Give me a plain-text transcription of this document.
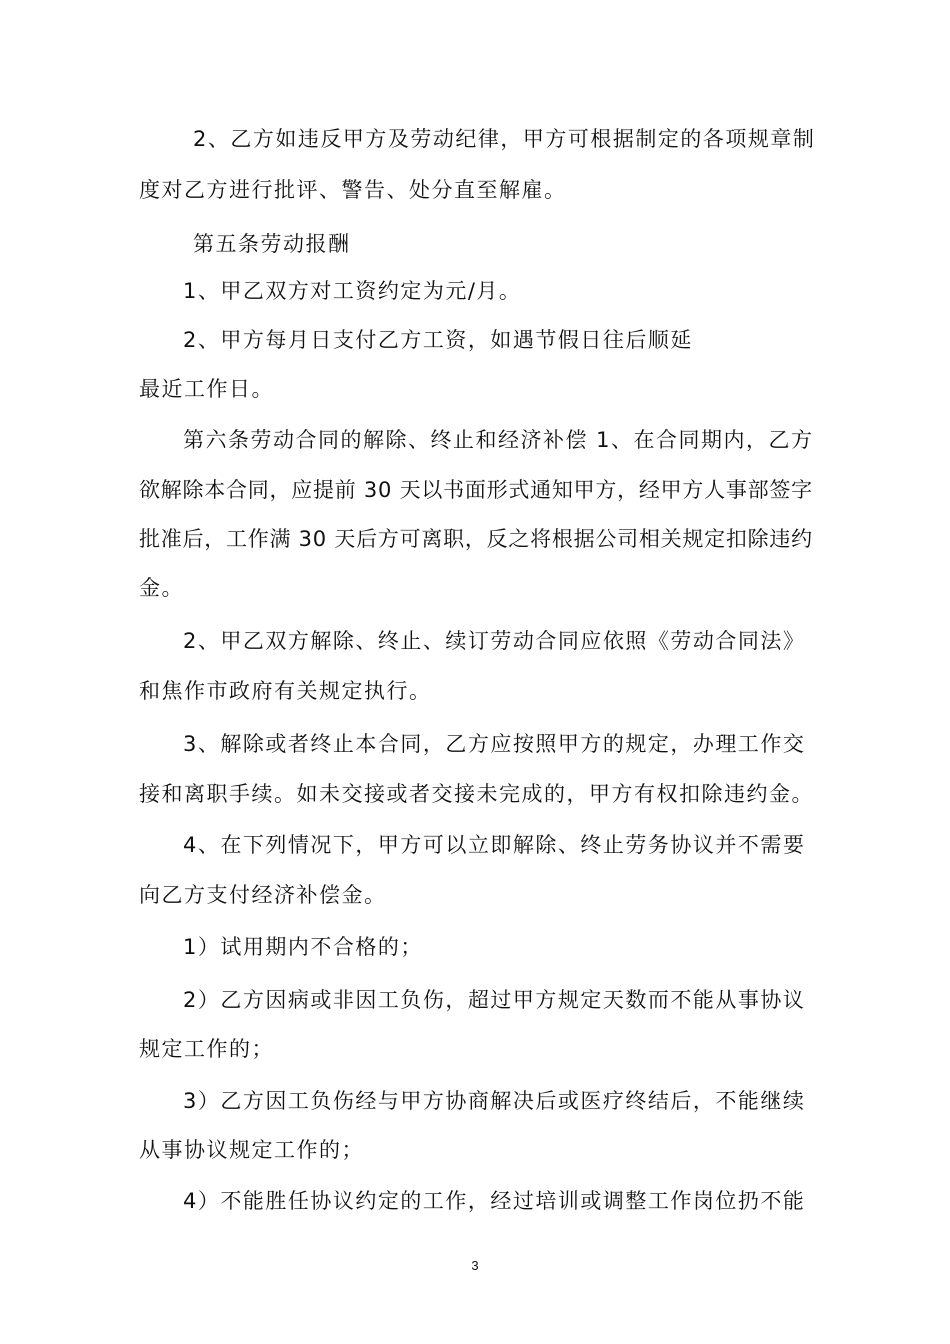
2、乙方如违反甲方及劳动纪律，甲方可根据制定的各项规章制
度对乙方进行批评、警告、处分直至解雇。
第五条劳动报酬
1、甲乙双方对工资约定为元/月。
2、甲方每月日支付乙方工资，如遇节假日往后顺延
最近工作日。
第六条劳动合同的解除、终止和经济补偿 1、在合同期内，乙方
欲解除本合同，应提前 30 天以书面形式通知甲方，经甲方人事部签字
批准后，工作满 30 天后方可离职，反之将根据公司相关规定扣除违约
金。
2、甲乙双方解除、终止、续订劳动合同应依照《劳动合同法》
和焦作市政府有关规定执行。
3、解除或者终止本合同，乙方应按照甲方的规定，办理工作交
接和离职手续。如未交接或者交接未完成的，甲方有权扣除违约金。
4、在下列情况下，甲方可以立即解除、终止劳务协议并不需要
向乙方支付经济补偿金。
1）试用期内不合格的；
2）乙方因病或非因工负伤，超过甲方规定天数而不能从事协议
规定工作的；
3）乙方因工负伤经与甲方协商解决后或医疗终结后，不能继续
从事协议规定工作的；
4）不能胜任协议约定的工作，经过培训或调整工作岗位扔不能
3
